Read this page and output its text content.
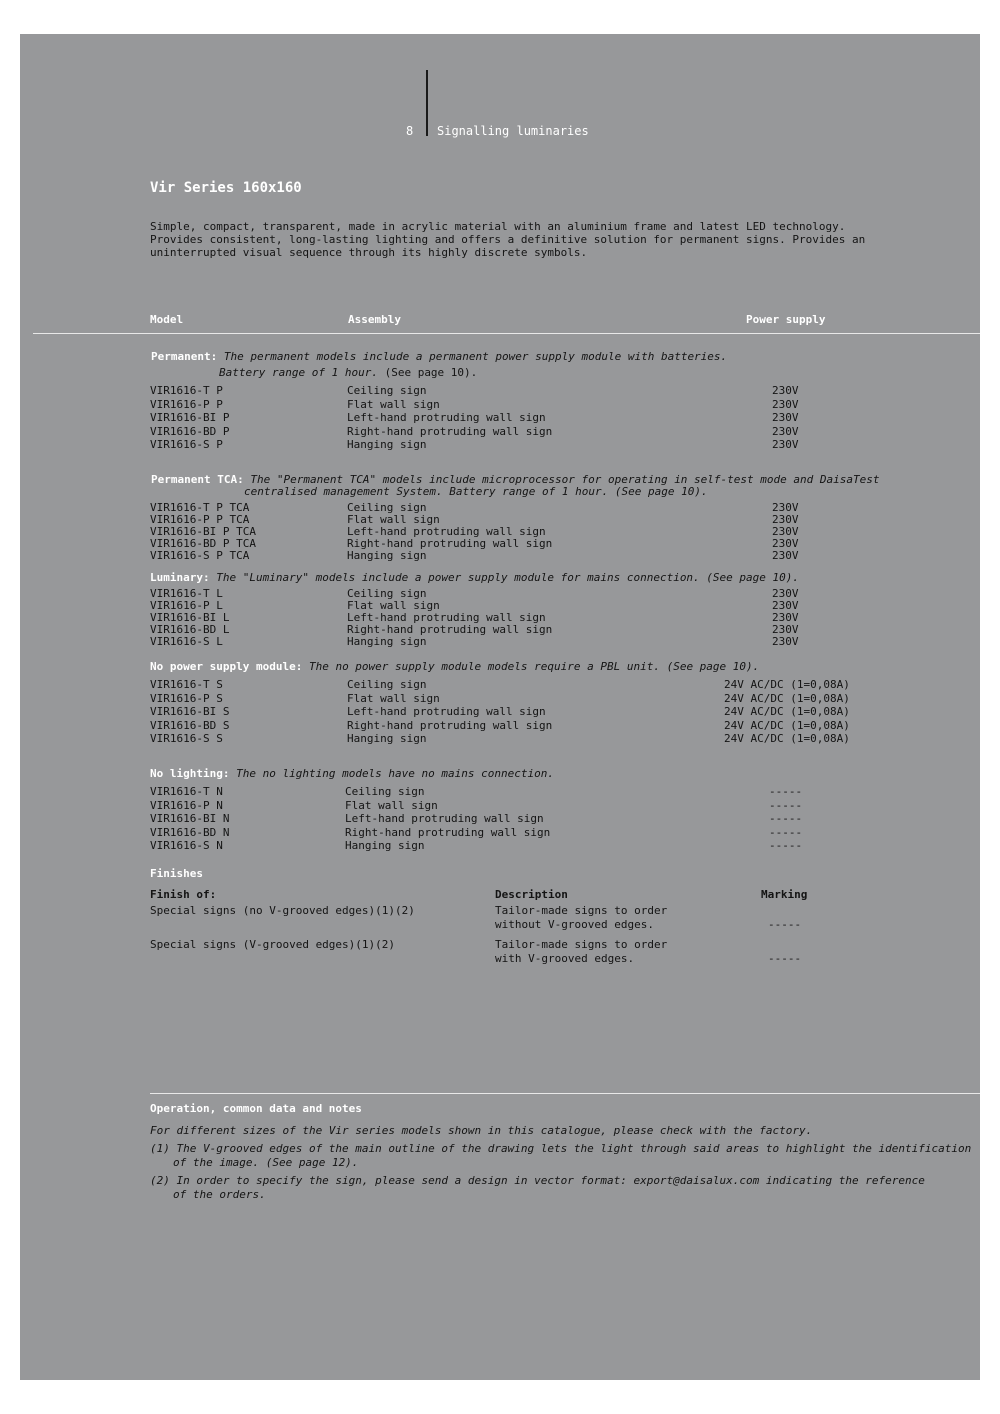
8 Signalling luminaries
Vir Series 160x160
Simple, compact, transparent, made in acrylic material with an aluminium frame and latest LED technology. Provides consistent, long-lasting lighting and offers a definitive solution for permanent signs. Provides an uninterrupted visual sequence through its highly discrete symbols.
Model	Assembly	Power supply
Permanent: The permanent models include a permanent power supply module with batteries.
Battery range of 1 hour. (See page 10).
VIR1616-T P	Ceiling sign	230V
VIR1616-P P	Flat wall sign	230V
VIR1616-BI P	Left-hand protruding wall sign	230V
VIR1616-BD P	Right-hand protruding wall sign	230V
VIR1616-S P	Hanging sign	230V
Permanent TCA: The "Permanent TCA" models include microprocessor for operating in self-test mode and DaisaTest
centralised management System. Battery range of 1 hour. (See page 10).
VIR1616-T P TCA	Ceiling sign	230V
VIR1616-P P TCA	Flat wall sign	230V
VIR1616-BI P TCA	Left-hand protruding wall sign	230V
VIR1616-BD P TCA	Right-hand protruding wall sign	230V
VIR1616-S P TCA	Hanging sign	230V
Luminary: The "Luminary" models include a power supply module for mains connection. (See page 10).
VIR1616-T L	Ceiling sign	230V
VIR1616-P L	Flat wall sign	230V
VIR1616-BI L	Left-hand protruding wall sign	230V
VIR1616-BD L	Right-hand protruding wall sign	230V
VIR1616-S L	Hanging sign	230V
No power supply module: The no power supply module models require a PBL unit. (See page 10).
VIR1616-T S	Ceiling sign	24V AC/DC (1=0,08A)
VIR1616-P S	Flat wall sign	24V AC/DC (1=0,08A)
VIR1616-BI S	Left-hand protruding wall sign	24V AC/DC (1=0,08A)
VIR1616-BD S	Right-hand protruding wall sign	24V AC/DC (1=0,08A)
VIR1616-S S	Hanging sign	24V AC/DC (1=0,08A)
No lighting: The no lighting models have no mains connection.
VIR1616-T N	Ceiling sign	-----
VIR1616-P N	Flat wall sign	-----
VIR1616-BI N	Left-hand protruding wall sign	-----
VIR1616-BD N	Right-hand protruding wall sign	-----
VIR1616-S N	Hanging sign	-----
Finishes
Finish of:	Description	Marking
Special signs (no V-grooved edges)(1)(2)	Tailor-made signs to order
without V-grooved edges.	-----
Special signs (V-grooved edges)(1)(2)	Tailor-made signs to order
with V-grooved edges.	-----
Operation, common data and notes
For different sizes of the Vir series models shown in this catalogue, please check with the factory.
(1) The V-grooved edges of the main outline of the drawing lets the light through said areas to highlight the identification
of the image. (See page 12).
(2) In order to specify the sign, please send a design in vector format: export@daisalux.com indicating the reference
of the orders.
